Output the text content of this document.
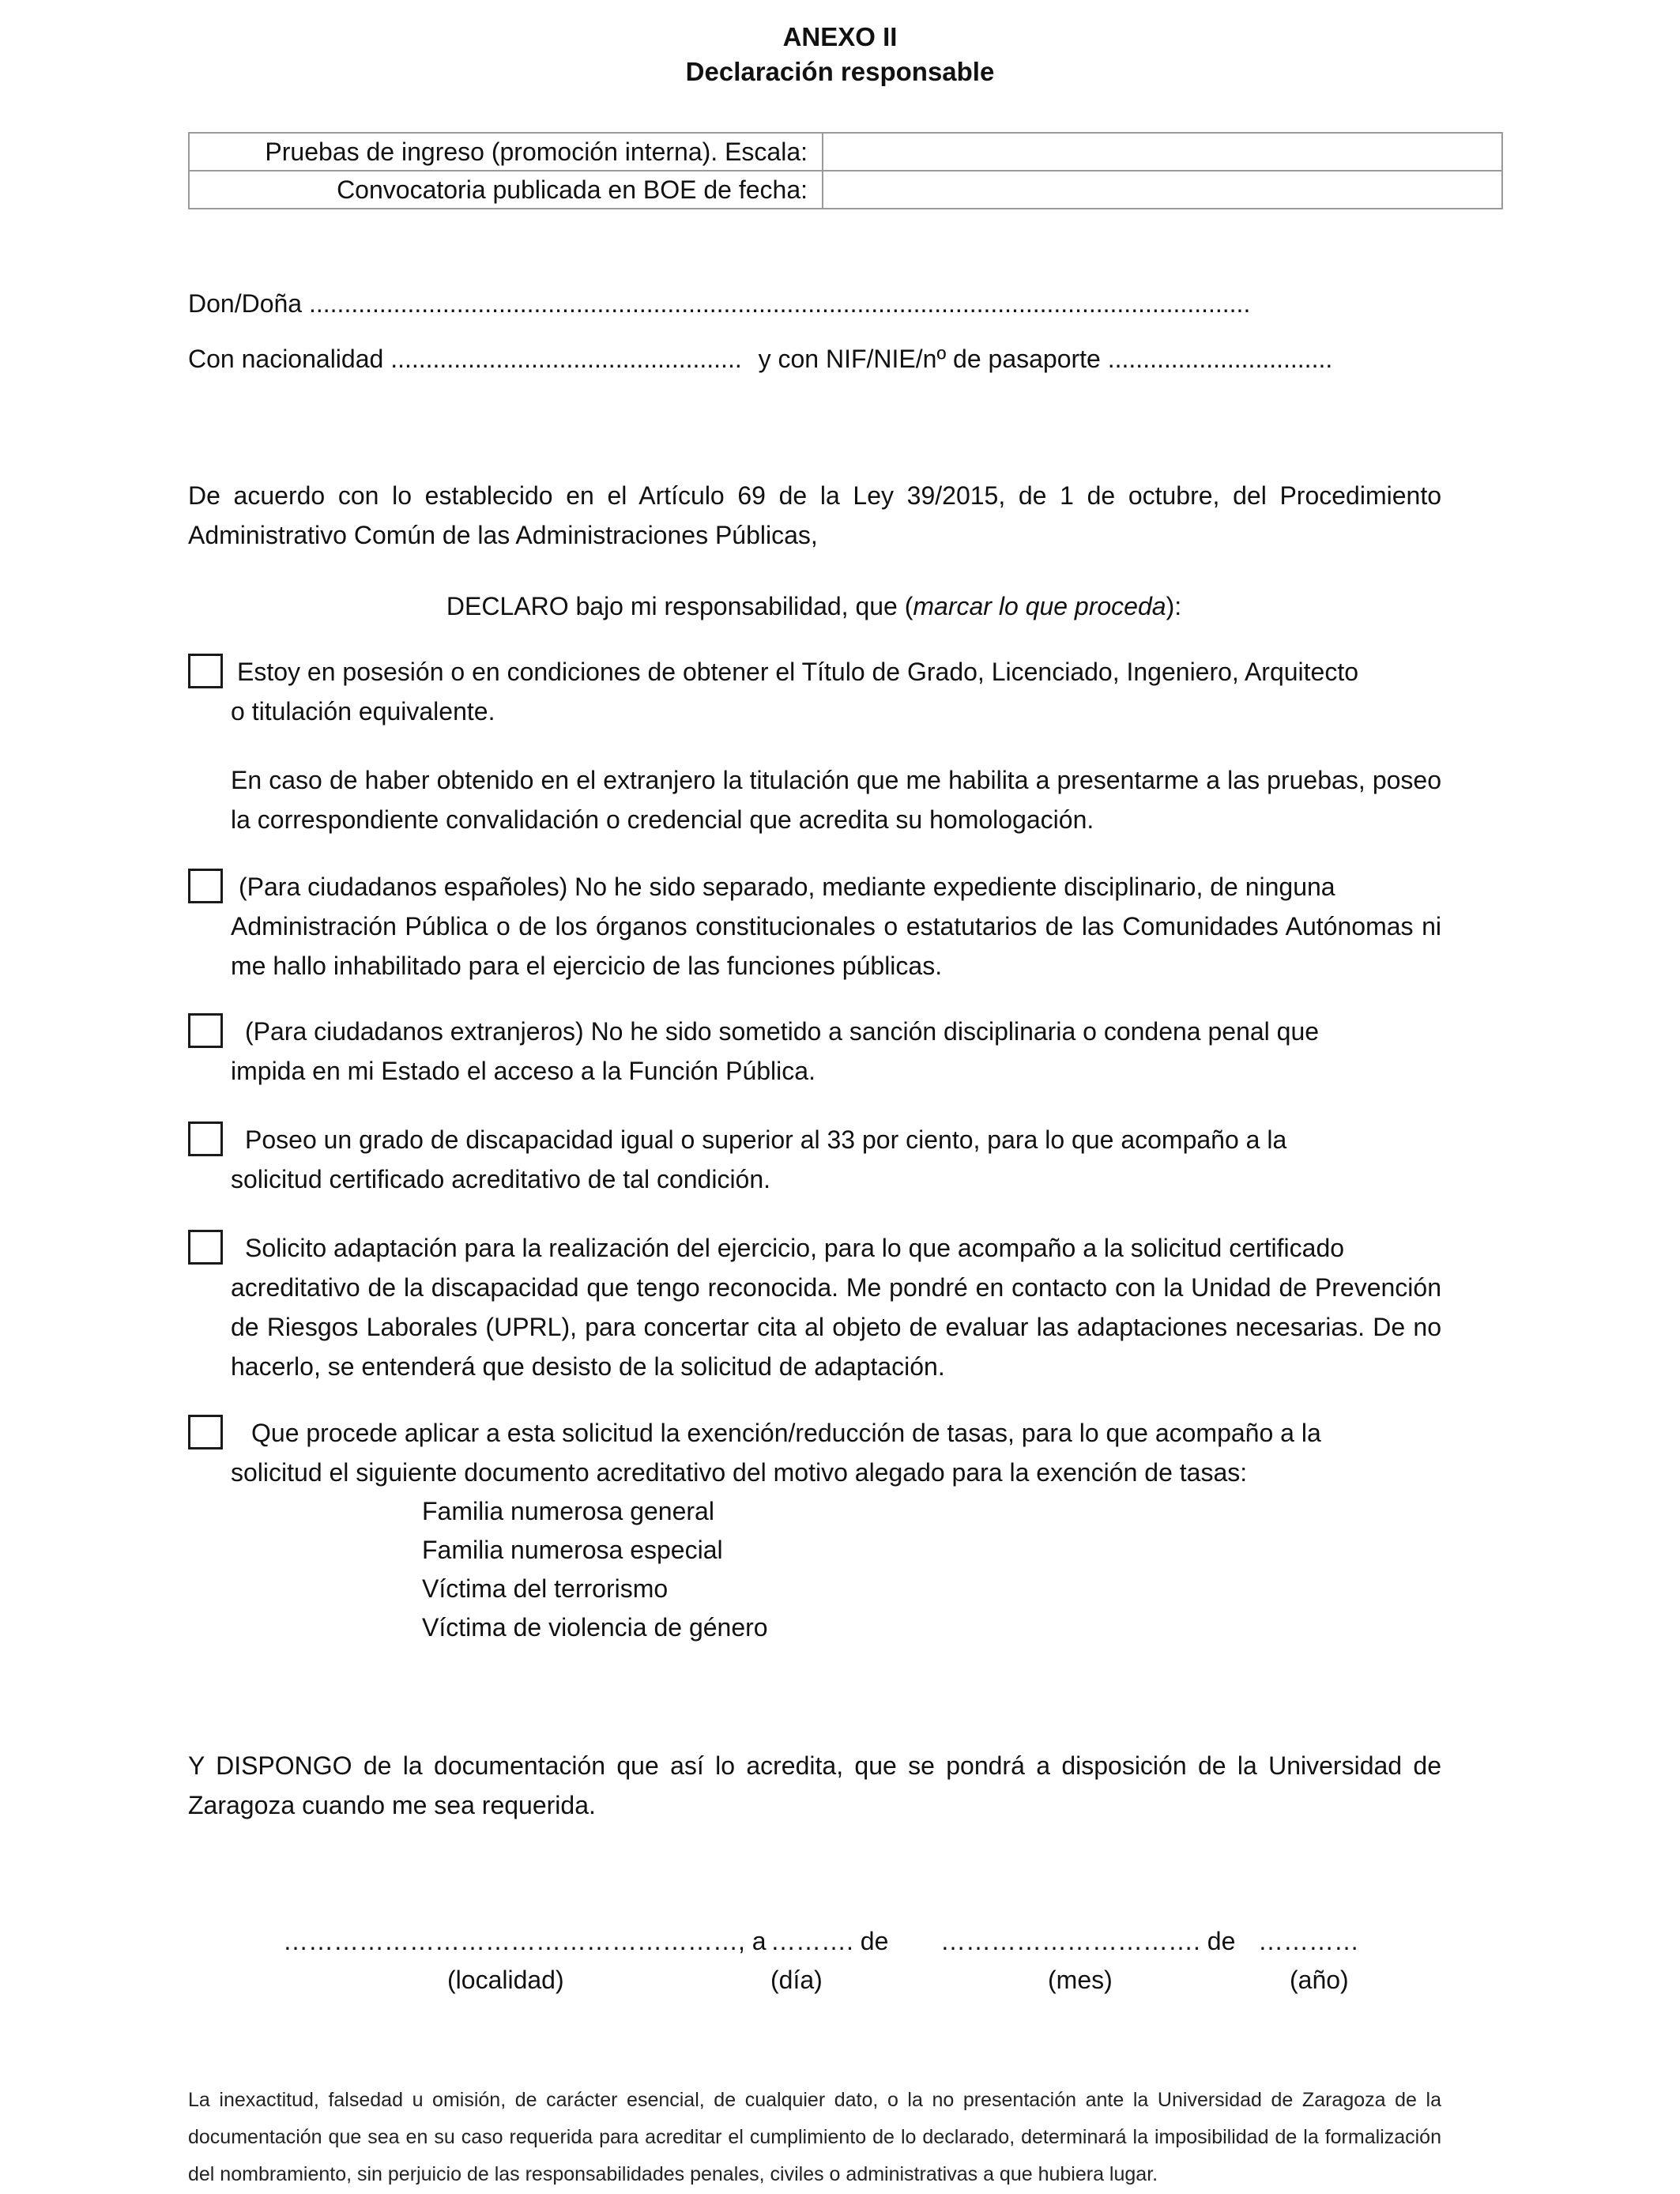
ANEXO II
Declaración responsable
Pruebas de ingreso (promoción interna). Escala:	
Convocatoria publicada en BOE de fecha:	
Don/Doña ......................................................................................................................................
Con nacionalidad .................................................. y con NIF/NIE/nº de pasaporte ................................
De acuerdo con lo establecido en el Artículo 69 de la Ley 39/2015, de 1 de octubre, del Procedimiento Administrativo Común de las Administraciones Públicas,
DECLARO bajo mi responsabilidad, que (marcar lo que proceda):
Estoy en posesión o en condiciones de obtener el Título de Grado, Licenciado, Ingeniero, Arquitecto
o titulación equivalente.
En caso de haber obtenido en el extranjero la titulación que me habilita a presentarme a las pruebas, poseo la correspondiente convalidación o credencial que acredita su homologación.
(Para ciudadanos españoles) No he sido separado, mediante expediente disciplinario, de ninguna
Administración Pública o de los órganos constitucionales o estatutarios de las Comunidades Autónomas ni me hallo inhabilitado para el ejercicio de las funciones públicas.
(Para ciudadanos extranjeros) No he sido sometido a sanción disciplinaria o condena penal que
impida en mi Estado el acceso a la Función Pública.
Poseo un grado de discapacidad igual o superior al 33 por ciento, para lo que acompaño a la
solicitud certificado acreditativo de tal condición.
Solicito adaptación para la realización del ejercicio, para lo que acompaño a la solicitud certificado
acreditativo de la discapacidad que tengo reconocida. Me pondré en contacto con la Unidad de Prevención de Riesgos Laborales (UPRL), para concertar cita al objeto de evaluar las adaptaciones necesarias. De no hacerlo, se entenderá que desisto de la solicitud de adaptación.
Que procede aplicar a esta solicitud la exención/reducción de tasas, para lo que acompaño a la
solicitud el siguiente documento acreditativo del motivo alegado para la exención de tasas:
Familia numerosa general
Familia numerosa especial
Víctima del terrorismo
Víctima de violencia de género
Y DISPONGO de la documentación que así lo acredita, que se pondrá a disposición de la Universidad de Zaragoza cuando me sea requerida.
………………………………………………, a ………. de …………………………. de …………
(localidad)	(día)	(mes)	(año)
La inexactitud, falsedad u omisión, de carácter esencial, de cualquier dato, o la no presentación ante la Universidad de Zaragoza de la documentación que sea en su caso requerida para acreditar el cumplimiento de lo declarado, determinará la imposibilidad de la formalización del nombramiento, sin perjuicio de las responsabilidades penales, civiles o administrativas a que hubiera lugar.
